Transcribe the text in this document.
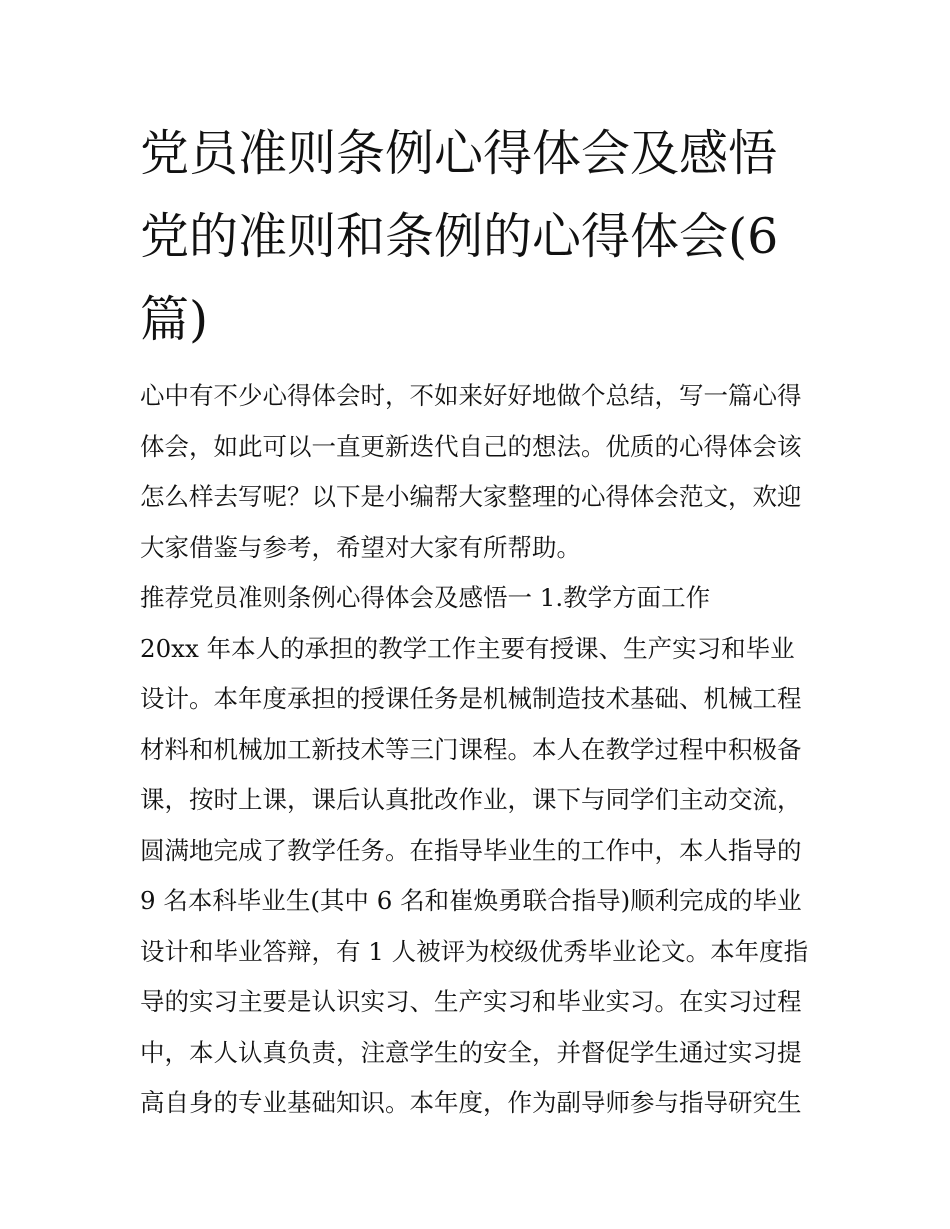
党员准则条例心得体会及感悟党的准则和条例的心得体会(6篇)

心中有不少心得体会时，不如来好好地做个总结，写一篇心得体会，如此可以一直更新迭代自己的想法。优质的心得体会该怎么样去写呢？以下是小编帮大家整理的心得体会范文，欢迎大家借鉴与参考，希望对大家有所帮助。

推荐党员准则条例心得体会及感悟一 1.教学方面工作

20xx 年本人的承担的教学工作主要有授课、生产实习和毕业设计。本年度承担的授课任务是机械制造技术基础、机械工程材料和机械加工新技术等三门课程。本人在教学过程中积极备课，按时上课，课后认真批改作业，课下与同学们主动交流，圆满地完成了教学任务。在指导毕业生的工作中，本人指导的 9 名本科毕业生(其中 6 名和崔焕勇联合指导)顺利完成的毕业设计和毕业答辩，有 1 人被评为校级优秀毕业论文。本年度指导的实习主要是认识实习、生产实习和毕业实习。在实习过程中，本人认真负责，注意学生的安全，并督促学生通过实习提高自身的专业基础知识。本年度，作为副导师参与指导研究生
